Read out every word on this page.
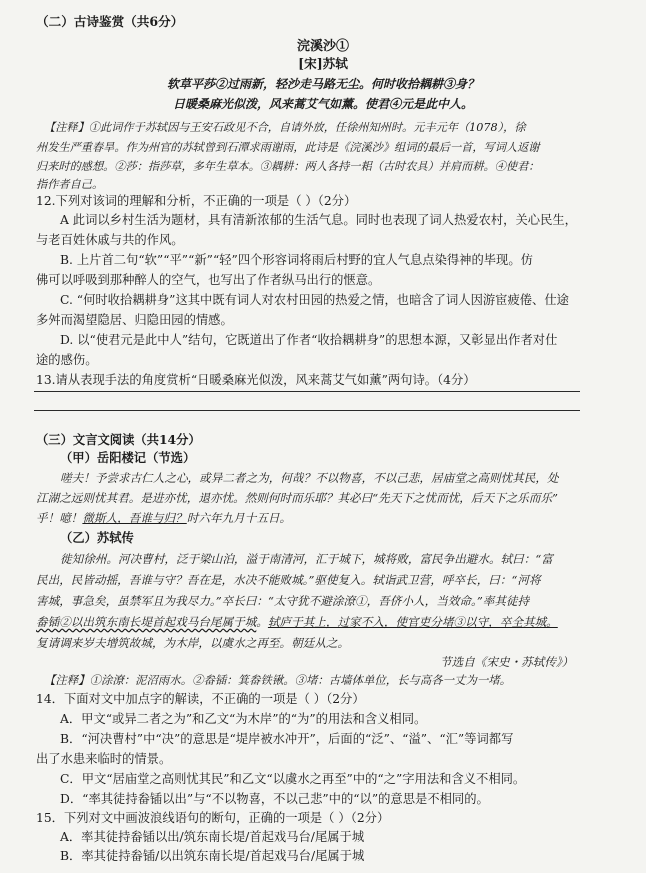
（二）古诗鉴赏（共6分）
浣溪沙①
[宋]苏轼
软草平莎②过雨新，轻沙走马路无尘。何时收拾耦耕③身？
日暖桑麻光似泼，风来蒿艾气如薰。使君④元是此中人。
【注释】①此词作于苏轼因与王安石政见不合，自请外放，任徐州知州时。元丰元年（1078），徐
州发生严重春旱。作为州官的苏轼曾到石潭求雨谢雨，此诗是《浣溪沙》组词的最后一首，写词人返谢
归来时的感想。②莎：指莎草，多年生草本。③耦耕：两人各持一耜（古时农具）并肩而耕。④使君：
指作者自己。
12.下列对该词的理解和分析，不正确的一项是（ ）（2分）
A 此词以乡村生活为题材，具有清新浓郁的生活气息。同时也表现了词人热爱农村，关心民生，
与老百姓休戚与共的作风。
B. 上片首二句“软”“平”“新”“轻”四个形容词将雨后村野的宜人气息点染得神的毕现。仿
佛可以呼吸到那种醉人的空气，也写出了作者纵马出行的惬意。
C. “何时收拾耦耕身”这其中既有词人对农村田园的热爱之情，也暗含了词人因游宦疲倦、仕途
多舛而渴望隐居、归隐田园的情感。
D. 以“使君元是此中人”结句，它既道出了作者“收拾耦耕身”的思想本源，又彰显出作者对仕
途的感伤。
13.请从表现手法的角度赏析“日暖桑麻光似泼，风来蒿艾气如薰”两句诗。（4分）
（三）文言文阅读（共14分）
（甲）岳阳楼记（节选）
嗟夫！予尝求古仁人之心，或异二者之为，何哉？不以物喜，不以己悲，居庙堂之高则忧其民，处
江湖之远则忧其君。是进亦忧，退亦忧。然则何时而乐耶？其必曰“先天下之忧而忧，后天下之乐而乐”
乎！噫！微斯人，吾谁与归？时六年九月十五日。
（乙）苏轼传
徙知徐州。河决曹村，泛于梁山泊，溢于南清河，汇于城下，城将败，富民争出避水。轼曰：“富
民出，民皆动摇，吾谁与守？吾在是，水决不能败城。”驱使复入。轼诣武卫营，呼卒长，曰：“河将
害城，事急矣，虽禁军且为我尽力。”卒长曰：“太守犹不避涂潦①，吾侪小人，当效命。”率其徒持
畚锸②以出筑东南长堤首起戏马台尾属于城。轼庐于其上，过家不入，使官吏分堵③以守，卒全其城。
复请调来岁夫增筑故城，为木岸，以虞水之再至。朝廷从之。
节选自《宋史・苏轼传》）
【注释】①涂潦：泥沼雨水。②畚锸：箕畚铁锹。③堵：古墙体单位，长与高各一丈为一堵。
14．下面对文中加点字的解读，不正确的一项是（ ）（2分）
A．甲文“或异二者之为”和乙文“为木岸”的“为”的用法和含义相同。
B．“河决曹村”中“决”的意思是“堤岸被水冲开”，后面的“泛”、“溢”、“汇”等词都写
出了水患来临时的情景。
C．甲文“居庙堂之高则忧其民”和乙文“以虞水之再至”中的“之”字用法和含义不相同。
D．“率其徒持畚锸以出”与“不以物喜，不以己悲”中的“以”的意思是不相同的。
15．下列对文中画波浪线语句的断句，正确的一项是（ ）（2分）
A．率其徒持畚锸以出/筑东南长堤/首起戏马台/尾属于城
B．率其徒持畚锸/以出筑东南长堤/首起戏马台/尾属于城
